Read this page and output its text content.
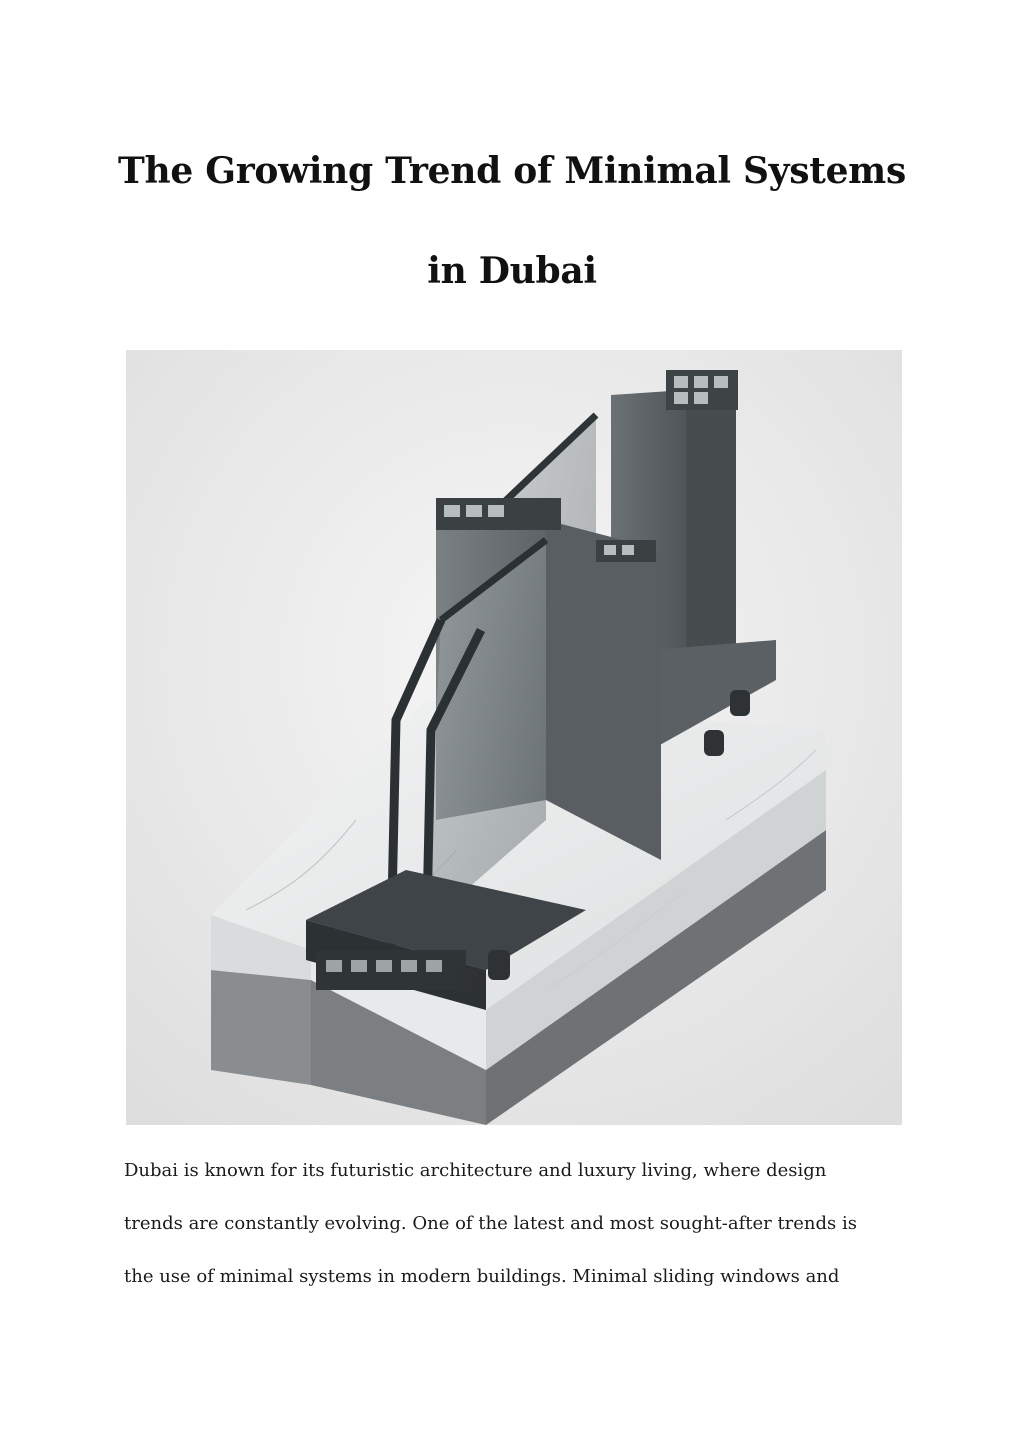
The Growing Trend of Minimal Systems
in Dubai

Dubai is known for its futuristic architecture and luxury living, where design

trends are constantly evolving. One of the latest and most sought-after trends is

the use of minimal systems in modern buildings. Minimal sliding windows and
